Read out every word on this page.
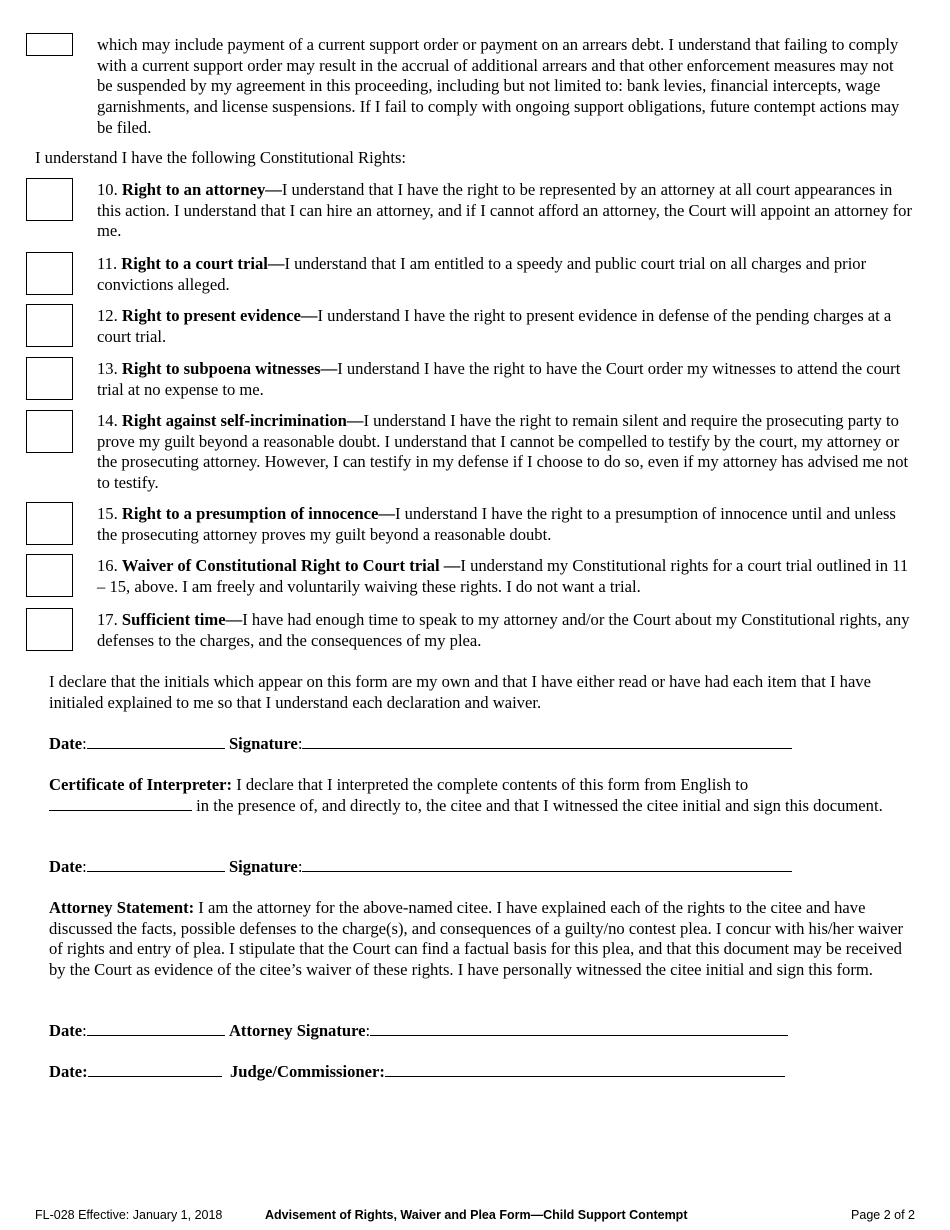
which may include payment of a current support order or payment on an arrears debt. I understand that failing to comply with a current support order may result in the accrual of additional arrears and that other enforcement measures may not be suspended by my agreement in this proceeding, including but not limited to: bank levies, financial intercepts, wage garnishments, and license suspensions. If I fail to comply with ongoing support obligations, future contempt actions may be filed.
I understand I have the following Constitutional Rights:
10. Right to an attorney—I understand that I have the right to be represented by an attorney at all court appearances in this action. I understand that I can hire an attorney, and if I cannot afford an attorney, the Court will appoint an attorney for me.
11. Right to a court trial—I understand that I am entitled to a speedy and public court trial on all charges and prior convictions alleged.
12. Right to present evidence—I understand I have the right to present evidence in defense of the pending charges at a court trial.
13. Right to subpoena witnesses—I understand I have the right to have the Court order my witnesses to attend the court trial at no expense to me.
14. Right against self-incrimination—I understand I have the right to remain silent and require the prosecuting party to prove my guilt beyond a reasonable doubt. I understand that I cannot be compelled to testify by the court, my attorney or the prosecuting attorney. However, I can testify in my defense if I choose to do so, even if my attorney has advised me not to testify.
15. Right to a presumption of innocence—I understand I have the right to a presumption of innocence until and unless the prosecuting attorney proves my guilt beyond a reasonable doubt.
16. Waiver of Constitutional Right to Court trial —I understand my Constitutional rights for a court trial outlined in 11 – 15, above. I am freely and voluntarily waiving these rights. I do not want a trial.
17. Sufficient time—I have had enough time to speak to my attorney and/or the Court about my Constitutional rights, any defenses to the charges, and the consequences of my plea.
I declare that the initials which appear on this form are my own and that I have either read or have had each item that I have initialed explained to me so that I understand each declaration and waiver.
Date:	Signature:
Certificate of Interpreter: I declare that I interpreted the complete contents of this form from English to
in the presence of, and directly to, the citee and that I witnessed the citee initial and sign this document.
Date:	Signature:
Attorney Statement: I am the attorney for the above-named citee. I have explained each of the rights to the citee and have discussed the facts, possible defenses to the charge(s), and consequences of a guilty/no contest plea. I concur with his/her waiver of rights and entry of plea. I stipulate that the Court can find a factual basis for this plea, and that this document may be received by the Court as evidence of the citee’s waiver of these rights. I have personally witnessed the citee initial and sign this form.
Date:	Attorney Signature:
Date:	Judge/Commissioner:
FL-028 Effective: January 1, 2018	Advisement of Rights, Waiver and Plea Form—Child Support Contempt	Page 2 of 2
